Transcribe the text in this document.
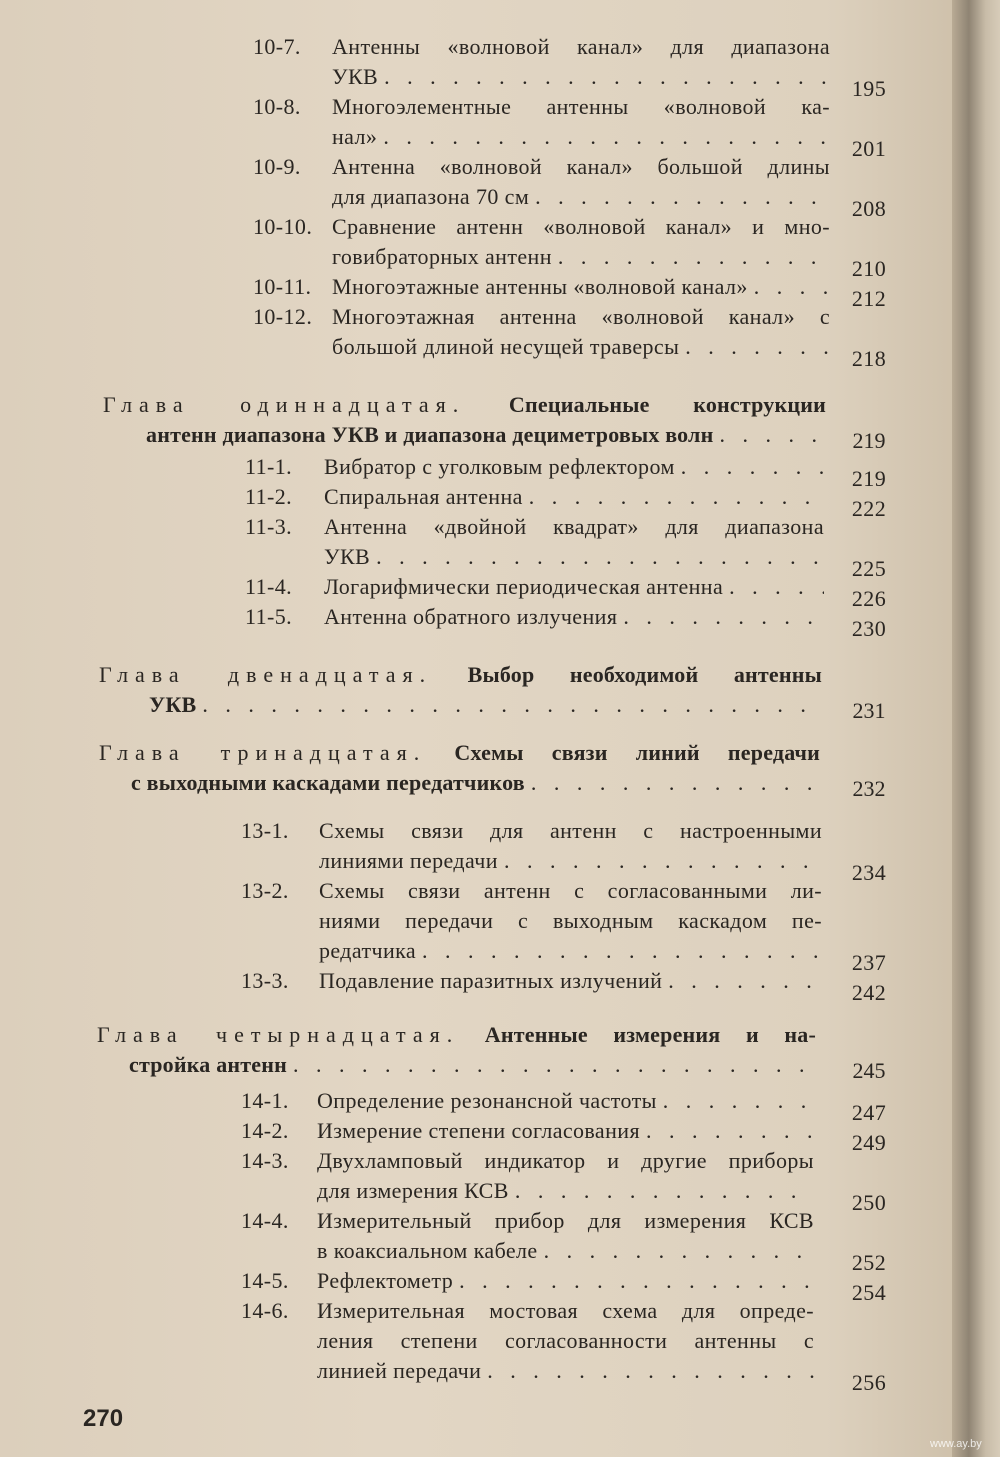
10-7. Антенны «волновой канал» для диапазона
УКВ . . .	195
10-8. Многоэлементные антенны «волновой ка-
нал» . . .	201
10-9. Антенна «волновой канал» большой длины
для диапазона 70 см . . .	208
10-10. Сравнение антенн «волновой канал» и мно-
говибраторных антенн . . .	210
10-11. Многоэтажные антенны «волновой канал» . . .	212
10-12. Многоэтажная антенна «волновой канал» с
большой длиной несущей траверсы . . .	218
Глава одиннадцатая. Специальные конструкции
антенн диапазона УКВ и диапазона дециметровых волн . . .	219
11-1. Вибратор с уголковым рефлектором . . .	219
11-2. Спиральная антенна . . .	222
11-3. Антенна «двойной квадрат» для диапазона
УКВ . . .	225
11-4. Логарифмически периодическая антенна . . .	226
11-5. Антенна обратного излучения . . .	230
Глава двенадцатая. Выбор необходимой антенны
УКВ . . .	231
Глава тринадцатая. Схемы связи линий передачи
с выходными каскадами передатчиков . . .	232
13-1. Схемы связи для антенн с настроенными
линиями передачи . . .	234
13-2. Схемы связи антенн с согласованными ли-
ниями передачи с выходным каскадом пе-
редатчика . . .	237
13-3. Подавление паразитных излучений . . .	242
Глава четырнадцатая. Антенные измерения и на-
стройка антенн . . .	245
14-1. Определение резонансной частоты . . .	247
14-2. Измерение степени согласования . . .	249
14-3. Двухламповый индикатор и другие приборы
для измерения КСВ . . .	250
14-4. Измерительный прибор для измерения КСВ
в коаксиальном кабеле . . .	252
14-5. Рефлектометр . . .	254
14-6. Измерительная мостовая схема для опреде-
ления степени согласованности антенны с
линией передачи . . .	256
270
www.ay.by
